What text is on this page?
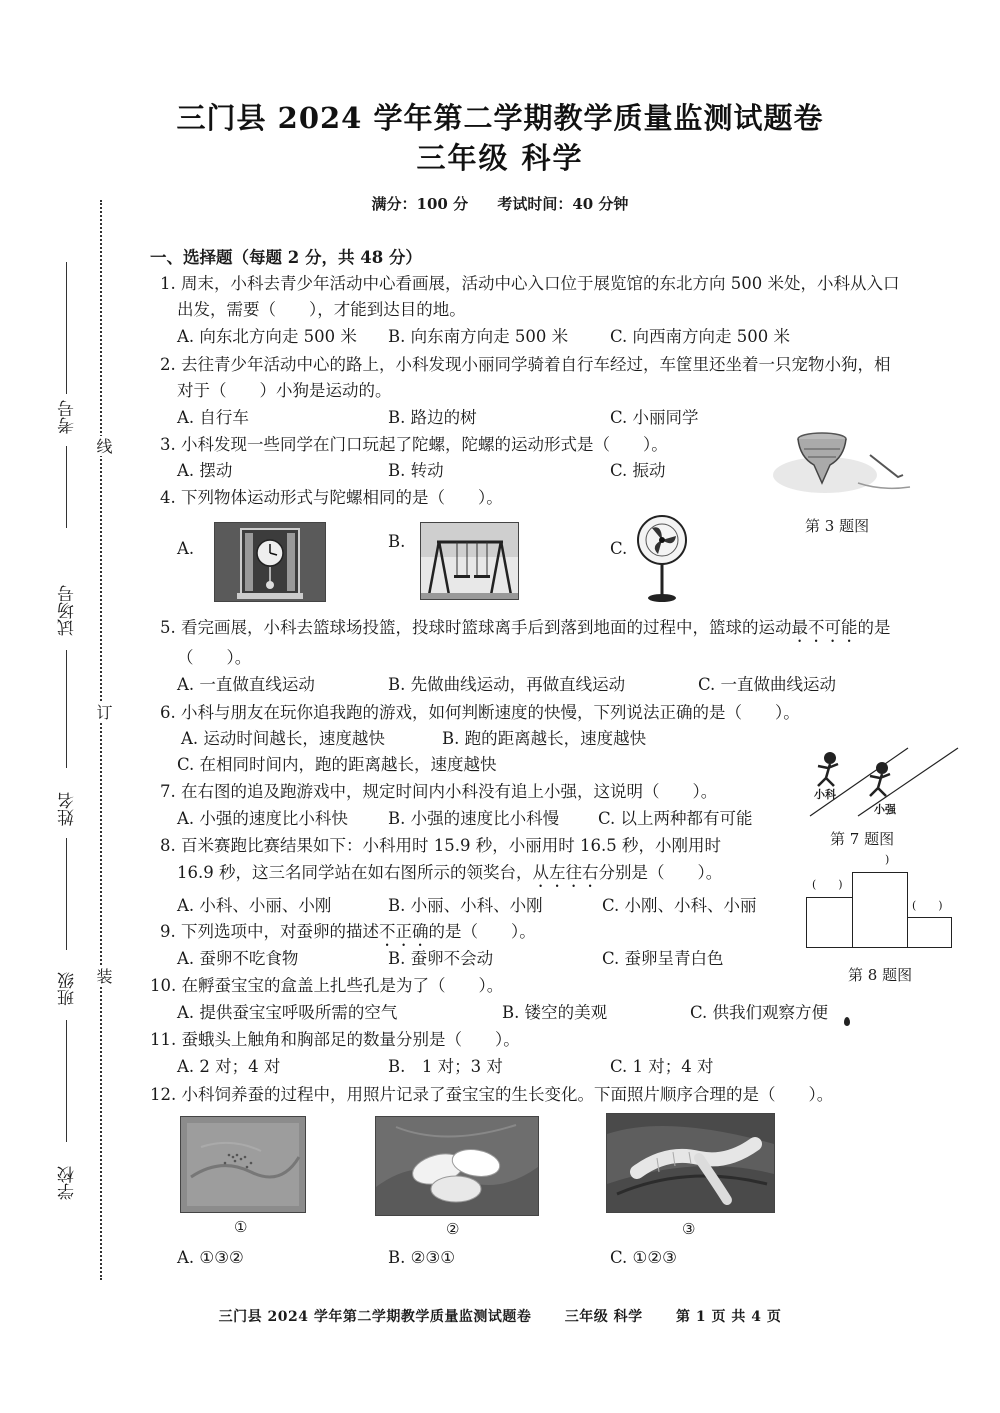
线
订
装
考号
试场号
姓名
班级
学校
三门县 2024 学年第二学期教学质量监测试题卷
三年级 科学
满分：100 分 考试时间：40 分钟
一、选择题（每题 2 分，共 48 分）
1. 周末，小科去青少年活动中心看画展，活动中心入口位于展览馆的东北方向 500 米处，小科从入口
出发，需要（　　），才能到达目的地。
A. 向东北方向走 500 米 B. 向东南方向走 500 米	C. 向西南方向走 500 米
2. 去往青少年活动中心的路上，小科发现小丽同学骑着自行车经过，车筐里还坐着一只宠物小狗，相
对于（　　）小狗是运动的。
A. 自行车	B. 路边的树	C. 小丽同学
3. 小科发现一些同学在门口玩起了陀螺，陀螺的运动形式是（　　）。
A. 摆动	B. 转动	C. 振动
第 3 题图
4. 下列物体运动形式与陀螺相同的是（　　）。
A.	B.	C.
5. 看完画展，小科去篮球场投篮，投球时篮球离手后到落到地面的过程中，篮球的运动最不可能的是
（　　）。
A. 一直做直线运动	B. 先做曲线运动，再做直线运动	C. 一直做曲线运动
6. 小科与朋友在玩你追我跑的游戏，如何判断速度的快慢，下列说法正确的是（　　）。
A. 运动时间越长，速度越快	B. 跑的距离越长，速度越快
C. 在相同时间内，跑的距离越长，速度越快
小科
小强
第 7 题图
7. 在右图的追及跑游戏中，规定时间内小科没有追上小强，这说明（　　）。
A. 小强的速度比小科快 B. 小强的速度比小科慢 C. 以上两种都有可能
8. 百米赛跑比赛结果如下：小科用时 15.9 秒，小丽用时 16.5 秒，小刚用时
16.9 秒，这三名同学站在如右图所示的领奖台，从左往右分别是（　　）。
A. 小科、小丽、小刚	B. 小丽、小科、小刚	C. 小刚、小科、小丽
(　　)
)
(　　)
第 8 题图
9. 下列选项中，对蚕卵的描述不正确的是（　　）。
A. 蚕卵不吃食物	B. 蚕卵不会动	C. 蚕卵呈青白色
10. 在孵蚕宝宝的盒盖上扎些孔是为了（　　）。
A. 提供蚕宝宝呼吸所需的空气	B. 镂空的美观	C. 供我们观察方便
11. 蚕蛾头上触角和胸部足的数量分别是（　　）。
A. 2 对；4 对	B.　1 对；3 对	C. 1 对；4 对
12. 小科饲养蚕的过程中，用照片记录了蚕宝宝的生长变化。下面照片顺序合理的是（　　）。
①	②	③
A. ①③②	B. ②③①	C. ①②③
三门县 2024 学年第二学期教学质量监测试题卷 三年级 科学 第 1 页 共 4 页
